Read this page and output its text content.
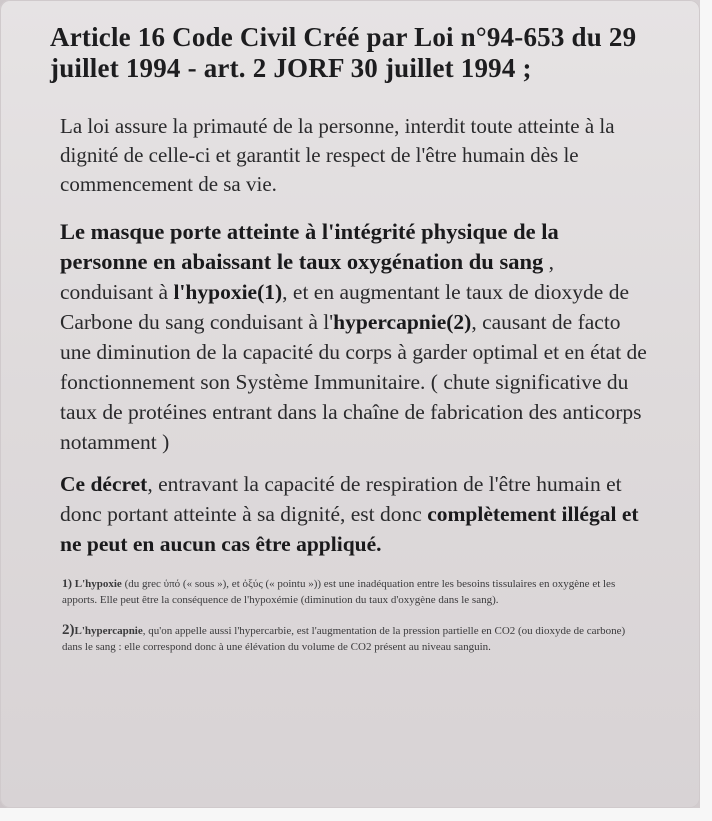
Article 16 Code Civil Créé par Loi n°94-653 du 29 juillet 1994 - art. 2 JORF 30 juillet 1994 ;
La loi assure la primauté de la personne, interdit toute atteinte à la dignité de celle-ci et garantit le respect de l'être humain dès le commencement de sa vie.
Le masque porte atteinte à l'intégrité physique de la personne en abaissant le taux oxygénation du sang , conduisant à l'hypoxie(1), et en augmentant le taux de dioxyde de Carbone du sang conduisant à l'hypercapnie(2), causant de facto une diminution de la capacité du corps à garder optimal et en état de fonctionnement son Système Immunitaire. ( chute significative du taux de protéines entrant dans la chaîne de fabrication des anticorps notamment )
Ce décret, entravant la capacité de respiration de l'être humain et donc portant atteinte à sa dignité, est donc complètement illégal et ne peut en aucun cas être appliqué.
1) L'hypoxie (du grec ὑπό (« sous »), et ὀξύς (« pointu »)) est une inadéquation entre les besoins tissulaires en oxygène et les apports. Elle peut être la conséquence de l'hypoxémie (diminution du taux d'oxygène dans le sang).
2)L'hypercapnie, qu'on appelle aussi l'hypercarbie, est l'augmentation de la pression partielle en CO2 (ou dioxyde de carbone) dans le sang : elle correspond donc à une élévation du volume de CO2 présent au niveau sanguin.
